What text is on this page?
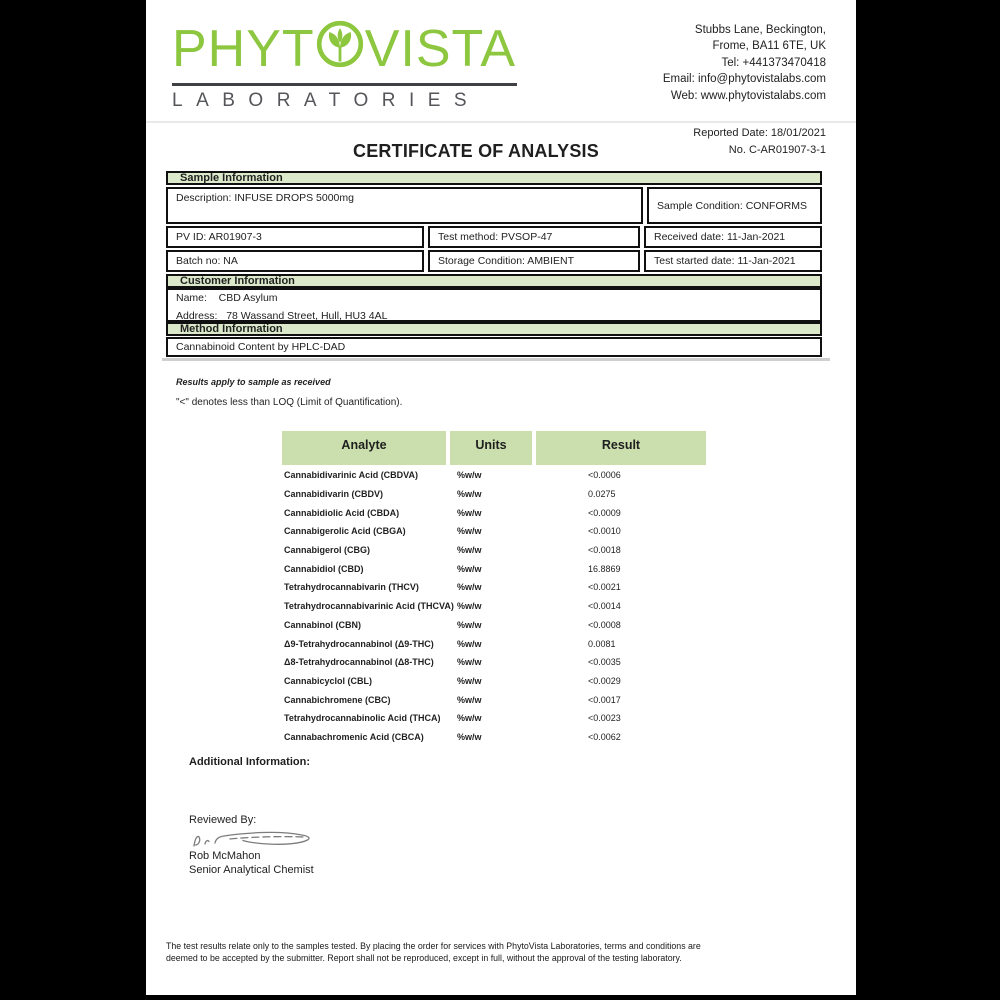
PHYT VISTA
LABORATORIES
Stubbs Lane, Beckington,
Frome, BA11 6TE, UK
Tel: +441373470418
Email: info@phytovistalabs.com
Web: www.phytovistalabs.com
Reported Date: 18/01/2021
No. C-AR01907-3-1
CERTIFICATE OF ANALYSIS
Sample Information
Description: INFUSE DROPS 5000mg
Sample Condition: CONFORMS
PV ID: AR01907-3	Test method: PVSOP-47	Received date: 11-Jan-2021
Batch no: NA	Storage Condition: AMBIENT	Test started date: 11-Jan-2021
Customer Information
Name: CBD Asylum
Address: 78 Wassand Street, Hull, HU3 4AL
Method Information
Cannabinoid Content by HPLC-DAD
Results apply to sample as received
"<" denotes less than LOQ (Limit of Quantification).
Analyte	Units	Result
Cannabidivarinic Acid (CBDVA)	%w/w	<0.0006
Cannabidivarin (CBDV)	%w/w	0.0275
Cannabidiolic Acid (CBDA)	%w/w	<0.0009
Cannabigerolic Acid (CBGA)	%w/w	<0.0010
Cannabigerol (CBG)	%w/w	<0.0018
Cannabidiol (CBD)	%w/w	16.8869
Tetrahydrocannabivarin (THCV)	%w/w	<0.0021
Tetrahydrocannabivarinic Acid (THCVA) %w/w	<0.0014
Cannabinol (CBN)	%w/w	<0.0008
Δ9-Tetrahydrocannabinol (Δ9-THC)	%w/w	0.0081
Δ8-Tetrahydrocannabinol (Δ8-THC)	%w/w	<0.0035
Cannabicyclol (CBL)	%w/w	<0.0029
Cannabichromene (CBC)	%w/w	<0.0017
Tetrahydrocannabinolic Acid (THCA)	%w/w	<0.0023
Cannabachromenic Acid (CBCA)	%w/w	<0.0062
Additional Information:
Reviewed By:
Rob McMahon
Senior Analytical Chemist
The test results relate only to the samples tested. By placing the order for services with PhytoVista Laboratories, terms and conditions are
deemed to be accepted by the submitter. Report shall not be reproduced, except in full, without the approval of the testing laboratory.
